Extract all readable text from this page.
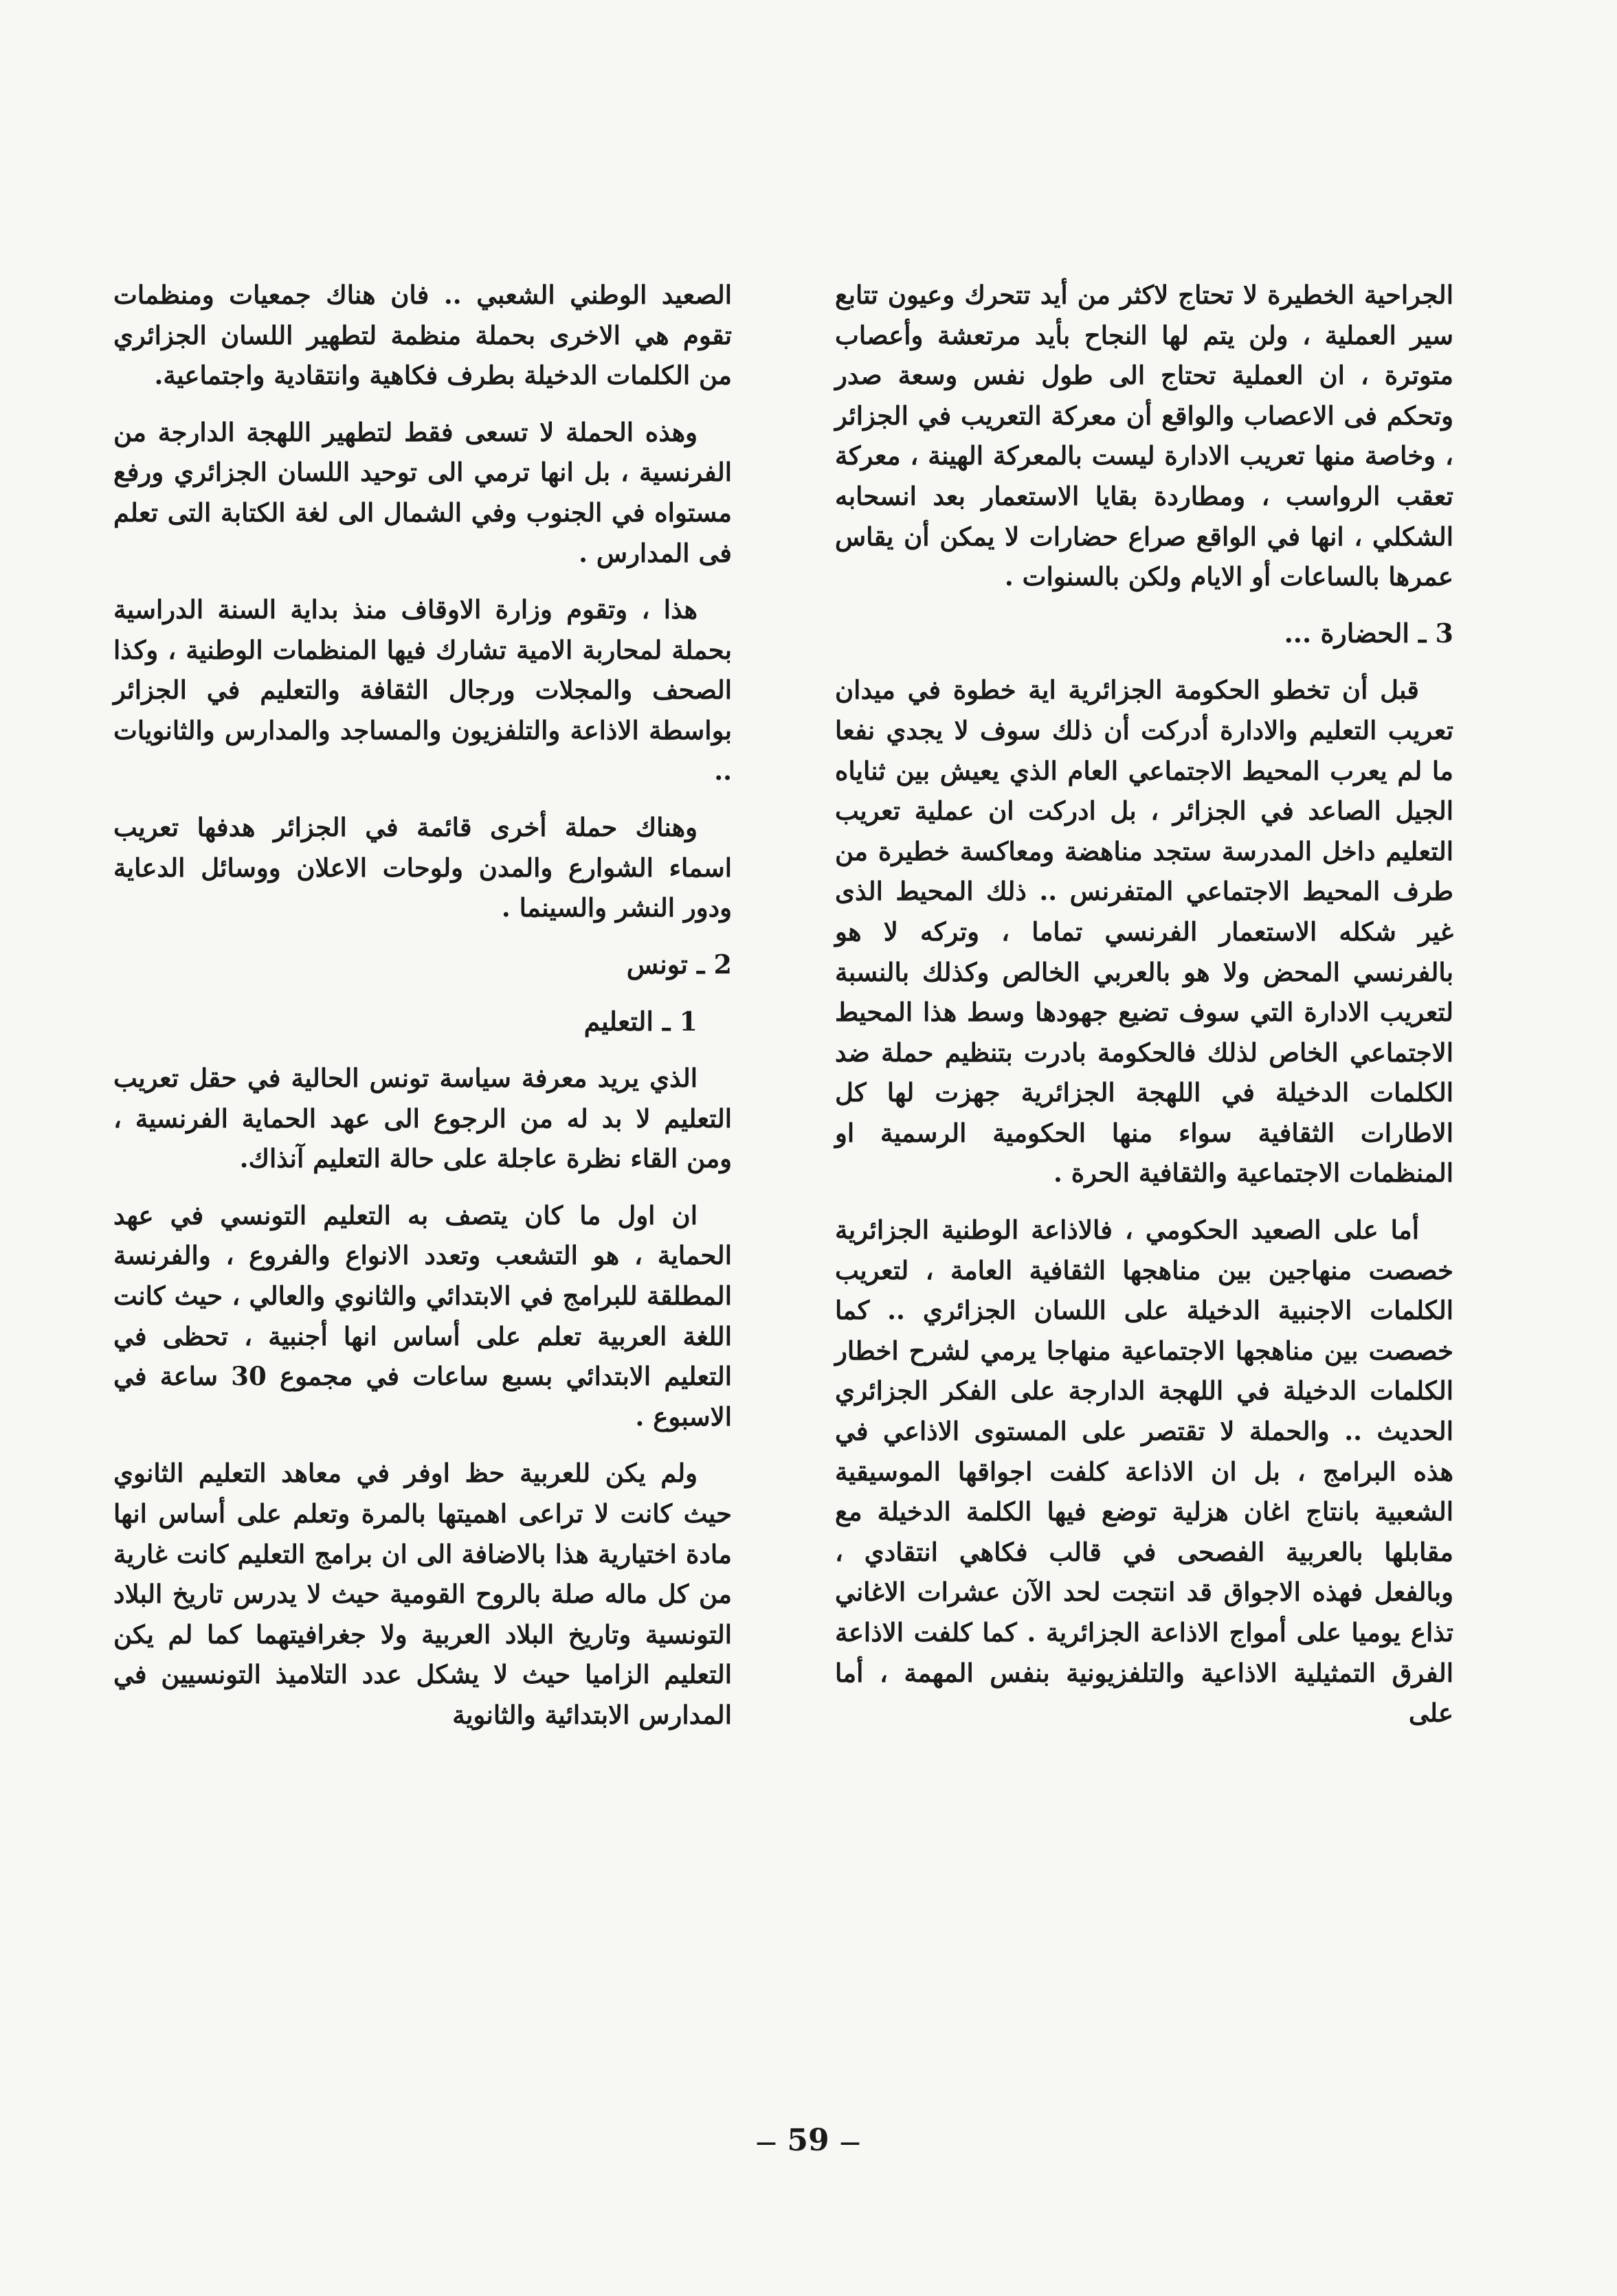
الجراحية الخطيرة لا تحتاج لاكثر من أيد تتحرك وعيون تتابع سير العملية ، ولن يتم لها النجاح بأيد مرتعشة وأعصاب متوترة ، ان العملية تحتاج الى طول نفس وسعة صدر وتحكم فى الاعصاب والواقع أن معركة التعريب في الجزائر ، وخاصة منها تعريب الادارة ليست بالمعركة الهينة ، معركة تعقب الرواسب ، ومطاردة بقايا الاستعمار بعد انسحابه الشكلي ، انها في الواقع صراع حضارات لا يمكن أن يقاس عمرها بالساعات أو الايام ولكن بالسنوات .

3 ـ الحضارة ...

قبل أن تخطو الحكومة الجزائرية اية خطوة في ميدان تعريب التعليم والادارة أدركت أن ذلك سوف لا يجدي نفعا ما لم يعرب المحيط الاجتماعي العام الذي يعيش بين ثناياه الجيل الصاعد في الجزائر ، بل ادركت ان عملية تعريب التعليم داخل المدرسة ستجد مناهضة ومعاكسة خطيرة من طرف المحيط الاجتماعي المتفرنس .. ذلك المحيط الذى غير شكله الاستعمار الفرنسي تماما ، وتركه لا هو بالفرنسي المحض ولا هو بالعربي الخالص وكذلك بالنسبة لتعريب الادارة التي سوف تضيع جهودها وسط هذا المحيط الاجتماعي الخاص لذلك فالحكومة بادرت بتنظيم حملة ضد الكلمات الدخيلة في اللهجة الجزائرية جهزت لها كل الاطارات الثقافية سواء منها الحكومية الرسمية او المنظمات الاجتماعية والثقافية الحرة .

أما على الصعيد الحكومي ، فالاذاعة الوطنية الجزائرية خصصت منهاجين بين مناهجها الثقافية العامة ، لتعريب الكلمات الاجنبية الدخيلة على اللسان الجزائري .. كما خصصت بين مناهجها الاجتماعية منهاجا يرمي لشرح اخطار الكلمات الدخيلة في اللهجة الدارجة على الفكر الجزائري الحديث .. والحملة لا تقتصر على المستوى الاذاعي في هذه البرامج ، بل ان الاذاعة كلفت اجواقها الموسيقية الشعبية بانتاج اغان هزلية توضع فيها الكلمة الدخيلة مع مقابلها بالعربية الفصحى في قالب فكاهي انتقادي ، وبالفعل فهذه الاجواق قد انتجت لحد الآن عشرات الاغاني تذاع يوميا على أمواج الاذاعة الجزائرية . كما كلفت الاذاعة الفرق التمثيلية الاذاعية والتلفزيونية بنفس المهمة ، أما على

الصعيد الوطني الشعبي .. فان هناك جمعيات ومنظمات تقوم هي الاخرى بحملة منظمة لتطهير اللسان الجزائري من الكلمات الدخيلة بطرف فكاهية وانتقادية واجتماعية.

وهذه الحملة لا تسعى فقط لتطهير اللهجة الدارجة من الفرنسية ، بل انها ترمي الى توحيد اللسان الجزائري ورفع مستواه في الجنوب وفي الشمال الى لغة الكتابة التى تعلم فى المدارس .

هذا ، وتقوم وزارة الاوقاف منذ بداية السنة الدراسية بحملة لمحاربة الامية تشارك فيها المنظمات الوطنية ، وكذا الصحف والمجلات ورجال الثقافة والتعليم في الجزائر بواسطة الاذاعة والتلفزيون والمساجد والمدارس والثانويات ..

وهناك حملة أخرى قائمة في الجزائر هدفها تعريب اسماء الشوارع والمدن ولوحات الاعلان ووسائل الدعاية ودور النشر والسينما .

2 ـ تونس

1 ـ التعليم

الذي يريد معرفة سياسة تونس الحالية في حقل تعريب التعليم لا بد له من الرجوع الى عهد الحماية الفرنسية ، ومن القاء نظرة عاجلة على حالة التعليم آنذاك.

ان اول ما كان يتصف به التعليم التونسي في عهد الحماية ، هو التشعب وتعدد الانواع والفروع ، والفرنسة المطلقة للبرامج في الابتدائي والثانوي والعالي ، حيث كانت اللغة العربية تعلم على أساس انها أجنبية ، تحظى في التعليم الابتدائي بسبع ساعات في مجموع 30 ساعة في الاسبوع .

ولم يكن للعربية حظ اوفر في معاهد التعليم الثانوي حيث كانت لا تراعى اهميتها بالمرة وتعلم على أساس انها مادة اختيارية هذا بالاضافة الى ان برامج التعليم كانت غارية من كل ماله صلة بالروح القومية حيث لا يدرس تاريخ البلاد التونسية وتاريخ البلاد العربية ولا جغرافيتهما كما لم يكن التعليم الزاميا حيث لا يشكل عدد التلاميذ التونسيين في المدارس الابتدائية والثانوية

— 59 —
